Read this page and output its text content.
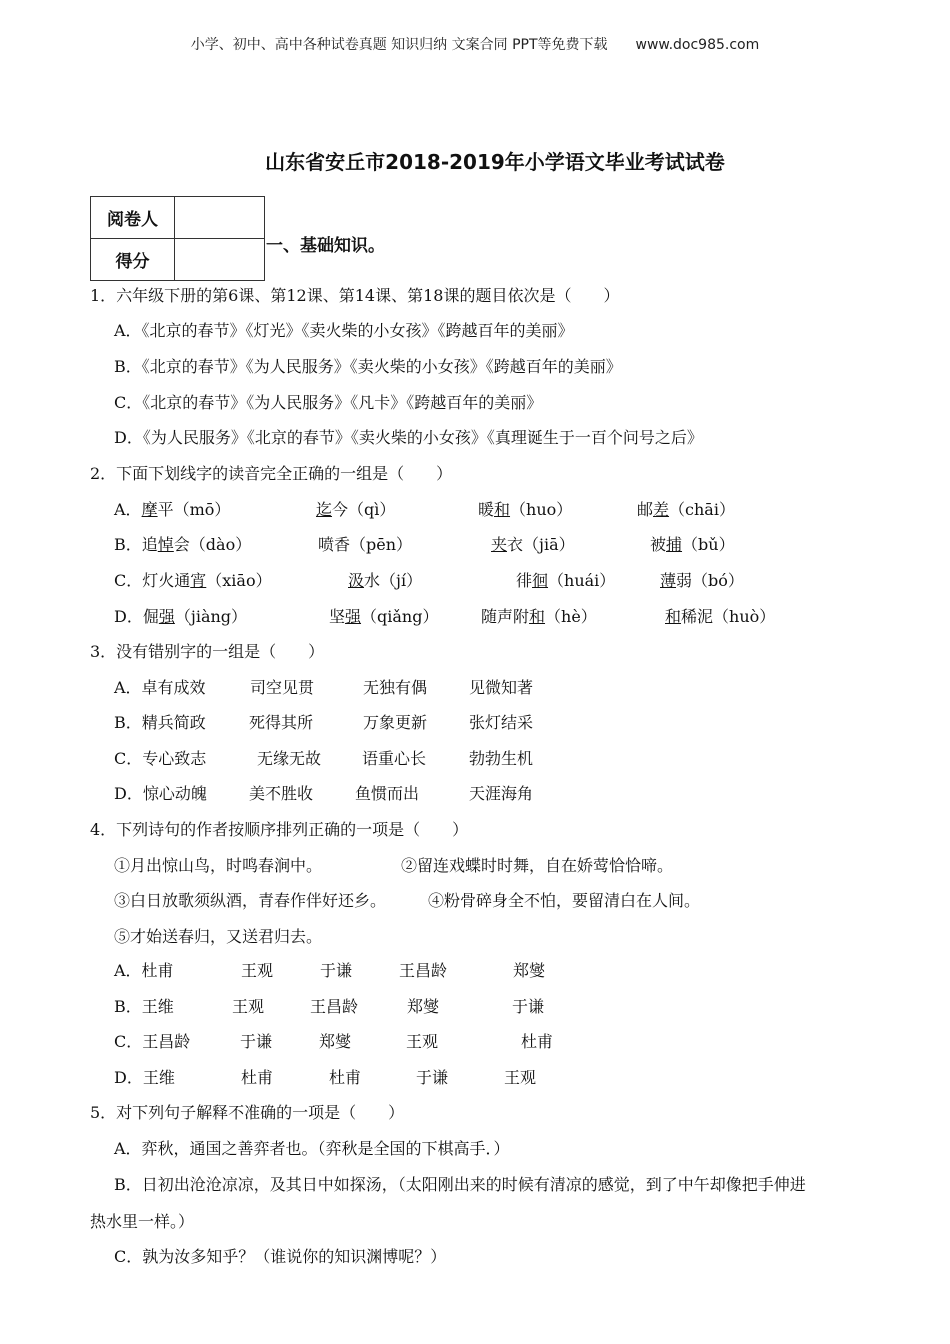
小学、初中、高中各种试卷真题 知识归纳 文案合同 PPT等免费下载 www.doc985.com
山东省安丘市2018-2019年小学语文毕业考试试卷
阅卷人	
得分	
一、基础知识。
1．六年级下册的第6课、第12课、第14课、第18课的题目依次是（　　）
A．《北京的春节》《灯光》《卖火柴的小女孩》《跨越百年的美丽》
B．《北京的春节》《为人民服务》《卖火柴的小女孩》《跨越百年的美丽》
C．《北京的春节》《为人民服务》《凡卡》《跨越百年的美丽》
D．《为人民服务》《北京的春节》《卖火柴的小女孩》《真理诞生于一百个问号之后》
2．下面下划线字的读音完全正确的一组是（　　）
A．摩平（mō）	迄今（qì）	暖和（huo）	邮差（chāi）
B．追悼会（dào）	喷香（pēn）	夹衣（jiā）	被捕（bǔ）
C．灯火通宵（xiāo）	汲水（jí）	徘徊（huái）	薄弱（bó）
D．倔强（jiàng）	坚强（qiǎng）	随声附和（hè）	和稀泥（huò）
3．没有错别字的一组是（　　）
A．卓有成效	司空见贯	无独有偶	见微知著
B．精兵简政	死得其所	万象更新	张灯结采
C．专心致志	无缘无故	语重心长	勃勃生机
D．惊心动魄	美不胜收	鱼惯而出	天涯海角
4．下列诗句的作者按顺序排列正确的一项是（　　）
①月出惊山鸟，时鸣春涧中。	②留连戏蝶时时舞，自在娇莺恰恰啼。
③白日放歌须纵酒，青春作伴好还乡。	④粉骨碎身全不怕，要留清白在人间。
⑤才始送春归，又送君归去。
A．杜甫	王观	于谦	王昌龄	郑燮
B．王维	王观	王昌龄	郑燮	于谦
C．王昌龄	于谦	郑燮	王观	杜甫
D．王维	杜甫	杜甫	于谦	王观
5．对下列句子解释不准确的一项是（　　）
A．弈秋，通国之善弈者也。（弈秋是全国的下棋高手．）
B．日初出沧沧凉凉，及其日中如探汤，（太阳刚出来的时候有清凉的感觉，到了中午却像把手伸进
热水里一样。）
C．孰为汝多知乎？（谁说你的知识渊博呢？）
